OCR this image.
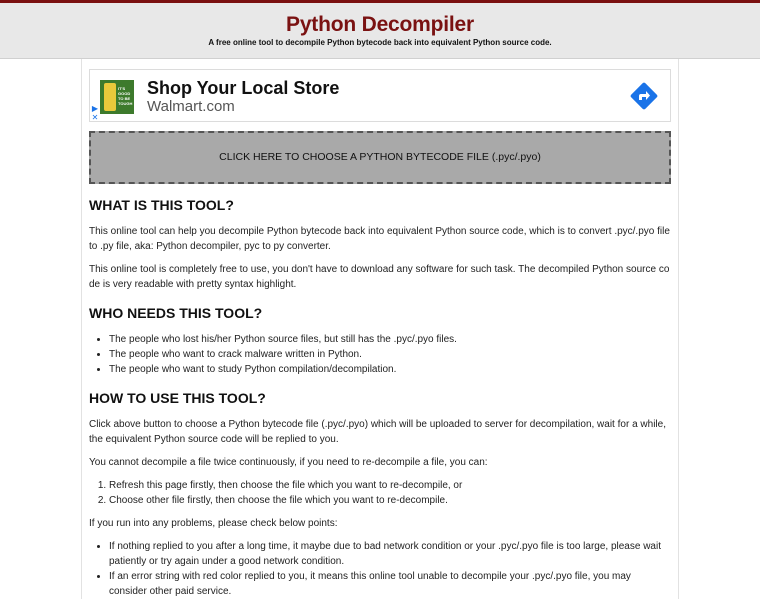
Python Decompiler
A free online tool to decompile Python bytecode back into equivalent Python source code.
IT'S GOOD TO BE TOUGH
▶
✕
Shop Your Local Store
Walmart.com
CLICK HERE TO CHOOSE A PYTHON BYTECODE FILE (.pyc/.pyo)
WHAT IS THIS TOOL?

This online tool can help you decompile Python bytecode back into equivalent Python source code, which is to convert .pyc/.pyo file to .py file, aka: Python decompiler, pyc to py converter.

This online tool is completely free to use, you don't have to download any software for such task. The decompiled Python source code is very readable with pretty syntax highlight.

WHO NEEDS THIS TOOL?
• The people who lost his/her Python source files, but still has the .pyc/.pyo files.
• The people who want to crack malware written in Python.
• The people who want to study Python compilation/decompilation.
HOW TO USE THIS TOOL?

Click above button to choose a Python bytecode file (.pyc/.pyo) which will be uploaded to server for decompilation, wait for a while, the equivalent Python source code will be replied to you.

You cannot decompile a file twice continuously, if you need to re-decompile a file, you can:

1. Refresh this page firstly, then choose the file which you want to re-decompile, or
2. Choose other file firstly, then choose the file which you want to re-decompile.

If you run into any problems, please check below points:

• If nothing replied to you after a long time, it maybe due to bad network condition or your .pyc/.pyo file is too large, please wait patiently or try again under a good network condition.
• If an error string with red color replied to you, it means this online tool unable to decompile your .pyc/.pyo file, you may consider other paid service.
